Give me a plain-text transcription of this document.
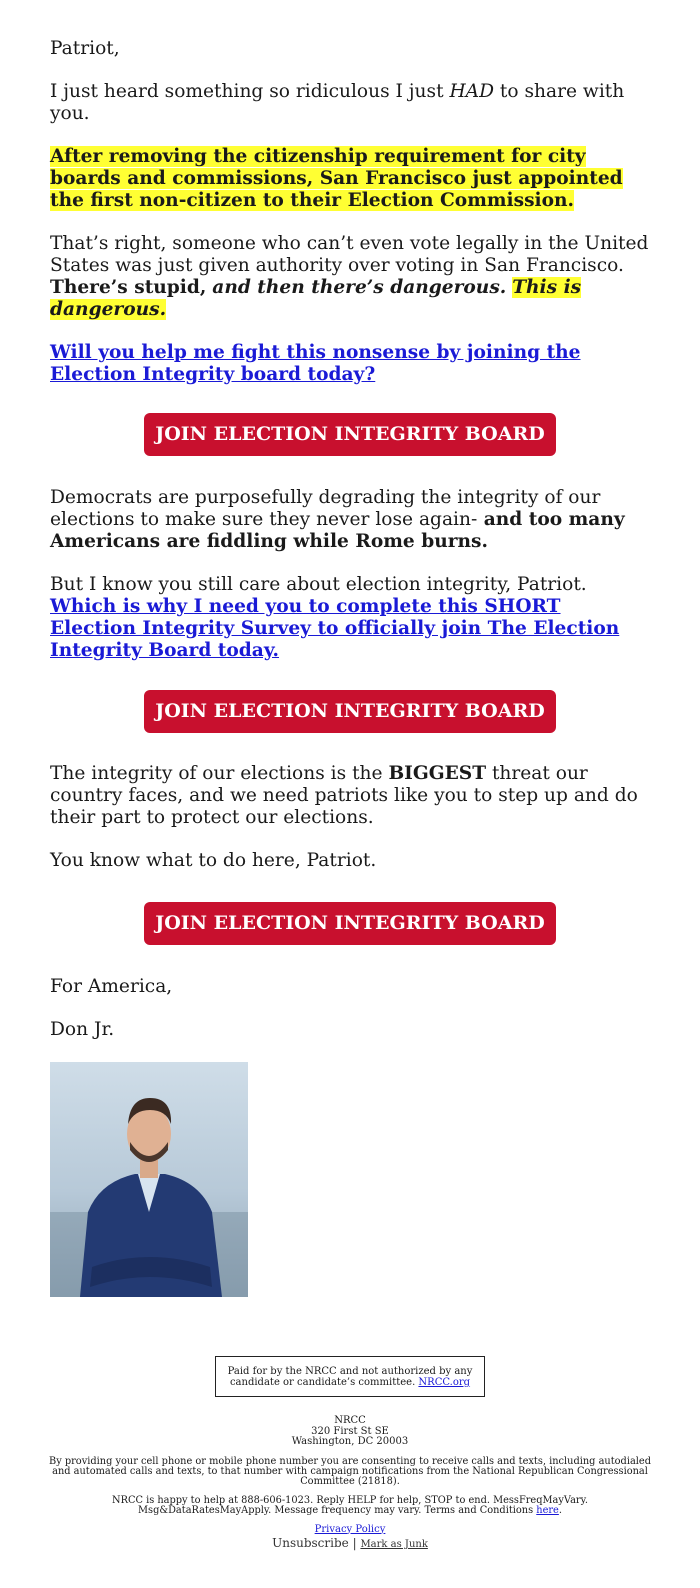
Patriot,

I just heard something so ridiculous I just HAD to share with you.

After removing the citizenship requirement for city boards and commissions, San Francisco just appointed the first non-citizen to their Election Commission.

That’s right, someone who can’t even vote legally in the United States was just given authority over voting in San Francisco. There’s stupid, and then there’s dangerous. This is dangerous.

Will you help me fight this nonsense by joining the Election Integrity board today?

JOIN ELECTION INTEGRITY BOARD

Democrats are purposefully degrading the integrity of our elections to make sure they never lose again- and too many Americans are fiddling while Rome burns.

But I know you still care about election integrity, Patriot. Which is why I need you to complete this SHORT Election Integrity Survey to officially join The Election Integrity Board today.

JOIN ELECTION INTEGRITY BOARD

The integrity of our elections is the BIGGEST threat our country faces, and we need patriots like you to step up and do their part to protect our elections.

You know what to do here, Patriot.

JOIN ELECTION INTEGRITY BOARD

For America,

Don Jr.

Paid for by the NRCC and not authorized by any candidate or candidate’s committee. NRCC.org
NRCC
320 First St SE
Washington, DC 20003
By providing your cell phone or mobile phone number you are consenting to receive calls and texts, including autodialed and automated calls and texts, to that number with campaign notifications from the National Republican Congressional Committee (21818).
NRCC is happy to help at 888-606-1023. Reply HELP for help, STOP to end. MessFreqMayVary. Msg&DataRatesMayApply. Message frequency may vary. Terms and Conditions here.
Privacy Policy
Unsubscribe | Mark as Junk
